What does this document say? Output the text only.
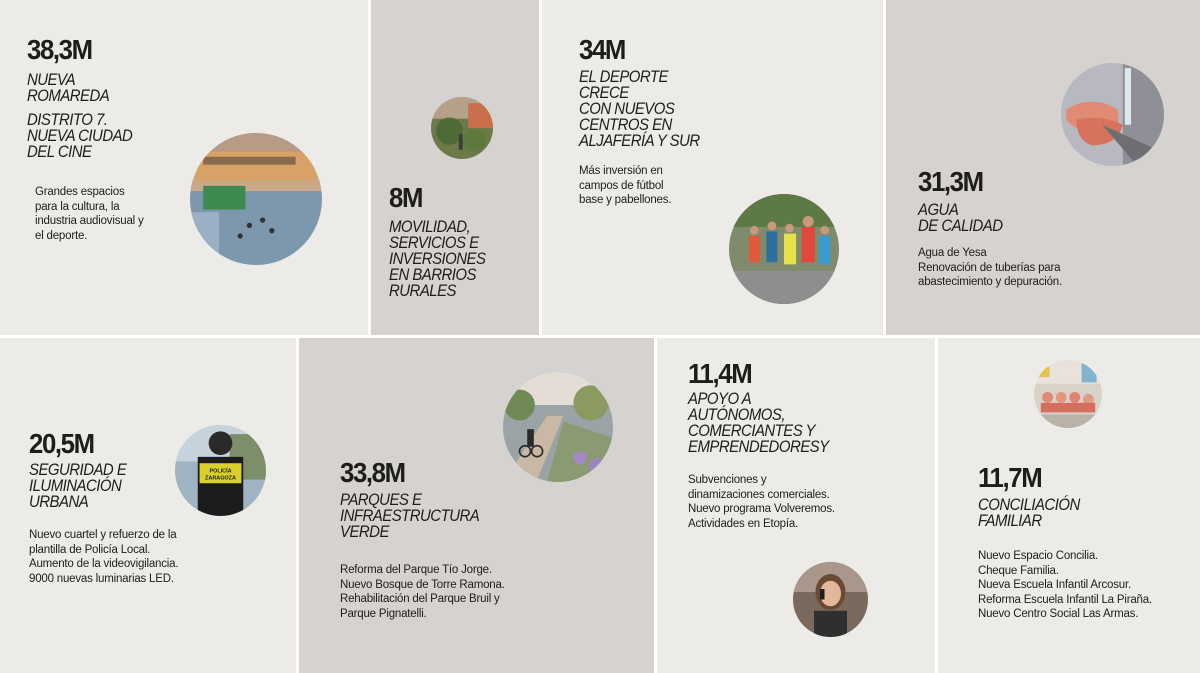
38,3M
NUEVA
ROMAREDA
DISTRITO 7.
NUEVA CIUDAD
DEL CINE
Grandes espacios
para la cultura, la
industria audiovisual y
el deporte.
8M
MOVILIDAD,
SERVICIOS E
INVERSIONES
EN BARRIOS
RURALES
34M
EL DEPORTE
CRECE
CON NUEVOS
CENTROS EN
ALJAFERÍA Y SUR
Más inversión en
campos de fútbol
base y pabellones.
31,3M
AGUA
DE CALIDAD
Agua de Yesa
Renovación de tuberías para
abastecimiento y depuración.
POLICÍA
ZARAGOZA
20,5M
SEGURIDAD E
ILUMINACIÓN
URBANA
Nuevo cuartel y refuerzo de la
plantilla de Policía Local.
Aumento de la videovigilancia.
9000 nuevas luminarias LED.
33,8M
PARQUES E
INFRAESTRUCTURA
VERDE
Reforma del Parque Tío Jorge.
Nuevo Bosque de Torre Ramona.
Rehabilitación del Parque Bruil y
Parque Pignatelli.
11,4M
APOYO A
AUTÓNOMOS,
COMERCIANTES Y
EMPRENDEDORESY
Subvenciones y
dinamizaciones comerciales.
Nuevo programa Volveremos.
Actividades en Etopía.
11,7M
CONCILIACIÓN
FAMILIAR
Nuevo Espacio Concilia.
Cheque Familia.
Nueva Escuela Infantil Arcosur.
Reforma Escuela Infantil La Piraña.
Nuevo Centro Social Las Armas.
